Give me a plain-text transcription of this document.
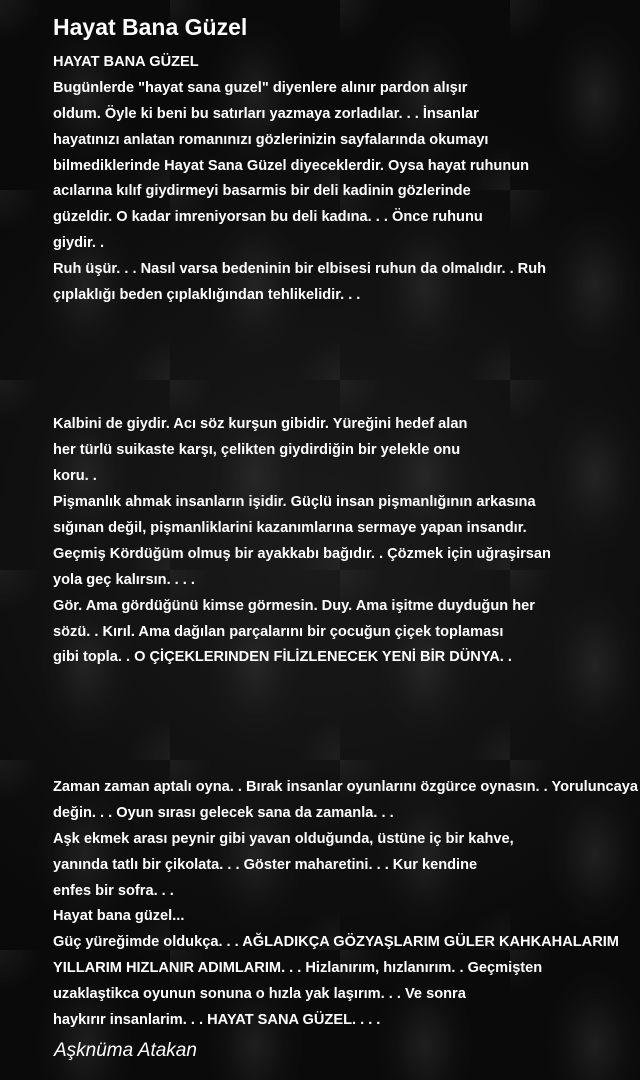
Hayat Bana Güzel
HAYAT BANA GÜZEL
Bugünlerde "hayat sana guzel" diyenlere alınır pardon alışır
oldum. Öyle ki beni bu satırları yazmaya zorladılar. . . İnsanlar
hayatınızı anlatan romanınızı gözlerinizin sayfalarında okumayı
bilmediklerinde Hayat Sana Güzel diyeceklerdir. Oysa hayat ruhunun
acılarına kılıf giydirmeyi basarmis bir deli kadinin gözlerinde
güzeldir. O kadar imreniyorsan bu deli kadına. . . Önce ruhunu
giydir. .
Ruh üşür. . . Nasıl varsa bedeninin bir elbisesi ruhun da olmalıdır. . Ruh
çıplaklığı beden çıplaklığından tehlikelidir. . .
Kalbini de giydir. Acı söz kurşun gibidir. Yüreğini hedef alan
her türlü suikaste karşı, çelikten giydirdiğin bir yelekle onu
koru. .
Pişmanlık ahmak insanların işidir. Güçlü insan pişmanlığının arkasına
sığınan değil, pişmanliklarini kazanımlarına sermaye yapan insandır.
Geçmiş Kördüğüm olmuş bir ayakkabı bağıdır. . Çözmek için uğraşirsan
yola geç kalırsın. . . .
Gör. Ama gördüğünü kimse görmesin. Duy. Ama işitme duyduğun her
sözü. . Kırıl. Ama dağılan parçalarını bir çocuğun çiçek toplaması
gibi topla. . O ÇİÇEKLERINDEN FİLİZLENECEK YENİ BİR DÜNYA. .
Zaman zaman aptalı oyna. . Bırak insanlar oyunlarını özgürce oynasın. . Yoruluncaya
değin. . . Oyun sırası gelecek sana da zamanla. . .
Aşk ekmek arası peynir gibi yavan olduğunda, üstüne iç bir kahve,
yanında tatlı bir çikolata. . . Göster maharetini. . . Kur kendine
enfes bir sofra. . .
Hayat bana güzel...
Güç yüreğimde oldukça. . . AĞLADIKÇA GÖZYAŞLARIM GÜLER KAHKAHALARIM
YILLARIM HIZLANIR ADIMLARIM. . . Hizlanırım, hızlanırım. . Geçmişten
uzaklaştikca oyunun sonuna o hızla yak laşırım. . . Ve sonra
haykırır insanlarim. . . HAYAT SANA GÜZEL. . . .

Aşknüma Atakan
